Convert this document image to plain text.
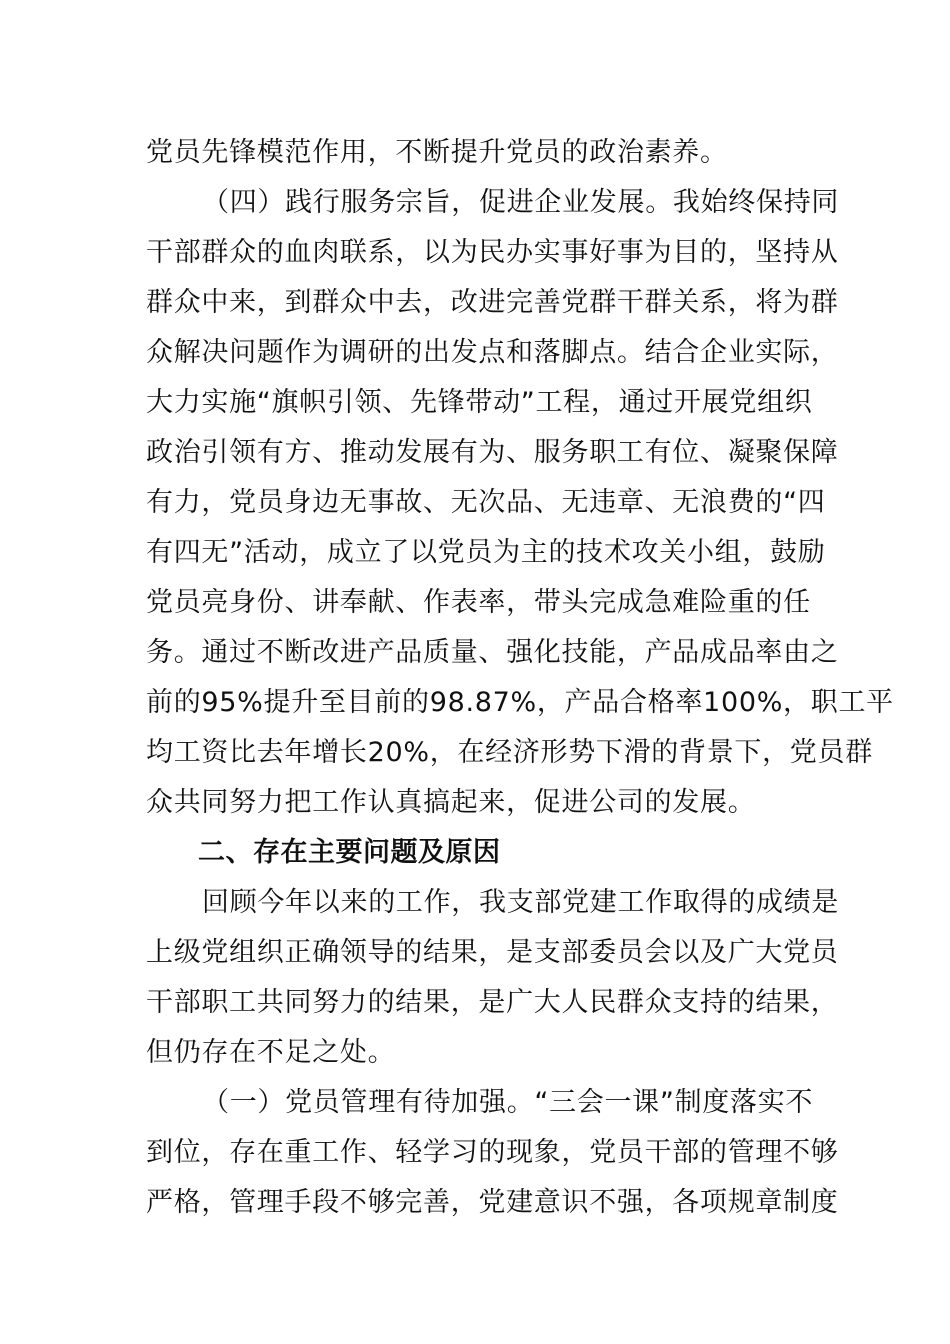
党员先锋模范作用，不断提升党员的政治素养。
（四）践行服务宗旨，促进企业发展。我始终保持同
干部群众的血肉联系，以为民办实事好事为目的，坚持从
群众中来，到群众中去，改进完善党群干群关系，将为群
众解决问题作为调研的出发点和落脚点。结合企业实际，
大力实施“旗帜引领、先锋带动”工程，通过开展党组织
政治引领有方、推动发展有为、服务职工有位、凝聚保障
有力，党员身边无事故、无次品、无违章、无浪费的“四
有四无”活动，成立了以党员为主的技术攻关小组，鼓励
党员亮身份、讲奉献、作表率，带头完成急难险重的任
务。通过不断改进产品质量、强化技能，产品成品率由之
前的95%提升至目前的98.87%，产品合格率100%，职工平
均工资比去年增长20%，在经济形势下滑的背景下，党员群
众共同努力把工作认真搞起来，促进公司的发展。
二、存在主要问题及原因
回顾今年以来的工作，我支部党建工作取得的成绩是
上级党组织正确领导的结果，是支部委员会以及广大党员
干部职工共同努力的结果，是广大人民群众支持的结果，
但仍存在不足之处。
（一）党员管理有待加强。“三会一课”制度落实不
到位，存在重工作、轻学习的现象，党员干部的管理不够
严格，管理手段不够完善，党建意识不强，各项规章制度
